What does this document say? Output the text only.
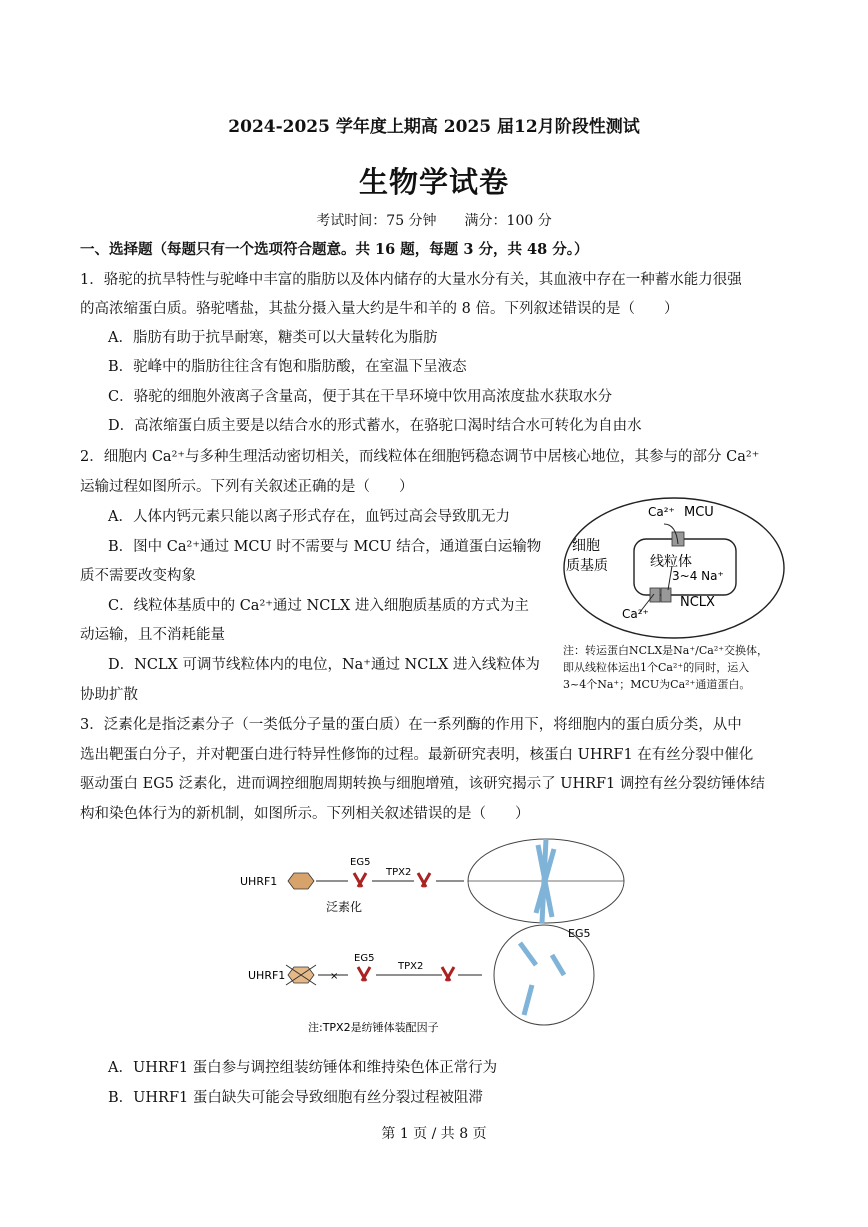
2024-2025 学年度上期高 2025 届12月阶段性测试
生物学试卷
考试时间：75 分钟　　满分：100 分
一、选择题（每题只有一个选项符合题意。共 16 题，每题 3 分，共 48 分。）
1．骆驼的抗旱特性与驼峰中丰富的脂肪以及体内储存的大量水分有关，其血液中存在一种蓄水能力很强
的高浓缩蛋白质。骆驼嗜盐，其盐分摄入量大约是牛和羊的 8 倍。下列叙述错误的是（　　）
A．脂肪有助于抗旱耐寒，糖类可以大量转化为脂肪
B．驼峰中的脂肪往往含有饱和脂肪酸，在室温下呈液态
C．骆驼的细胞外液离子含量高，便于其在干旱环境中饮用高浓度盐水获取水分
D．高浓缩蛋白质主要是以结合水的形式蓄水，在骆驼口渴时结合水可转化为自由水
2．细胞内 Ca²⁺与多种生理活动密切相关，而线粒体在细胞钙稳态调节中居核心地位，其参与的部分 Ca²⁺
运输过程如图所示。下列有关叙述正确的是（　　）
A．人体内钙元素只能以离子形式存在，血钙过高会导致肌无力
B．图中 Ca²⁺通过 MCU 时不需要与 MCU 结合，通道蛋白运输物
质不需要改变构象
C．线粒体基质中的 Ca²⁺通过 NCLX 进入细胞质基质的方式为主
动运输，且不消耗能量
D．NCLX 可调节线粒体内的电位，Na⁺通过 NCLX 进入线粒体为
协助扩散
Ca²⁺ MCU
细胞
质基质	线粒体
3~4 Na⁺
NCLX
Ca²⁺
注：转运蛋白NCLX是Na⁺/Ca²⁺交换体，
即从线粒体运出1个Ca²⁺的同时，运入
3~4个Na⁺；MCU为Ca²⁺通道蛋白。
3．泛素化是指泛素分子（一类低分子量的蛋白质）在一系列酶的作用下，将细胞内的蛋白质分类，从中
选出靶蛋白分子，并对靶蛋白进行特异性修饰的过程。最新研究表明，核蛋白 UHRF1 在有丝分裂中催化
驱动蛋白 EG5 泛素化，进而调控细胞周期转换与细胞增殖，该研究揭示了 UHRF1 调控有丝分裂纺锤体结
构和染色体行为的新机制，如图所示。下列相关叙述错误的是（　　）
UHRF1
EG5
泛素化
TPX2
UHRF1	×
EG5
TPX2
EG5
注:TPX2是纺锤体装配因子
A．UHRF1 蛋白参与调控组装纺锤体和维持染色体正常行为
B．UHRF1 蛋白缺失可能会导致细胞有丝分裂过程被阻滞
第 1 页 / 共 8 页
